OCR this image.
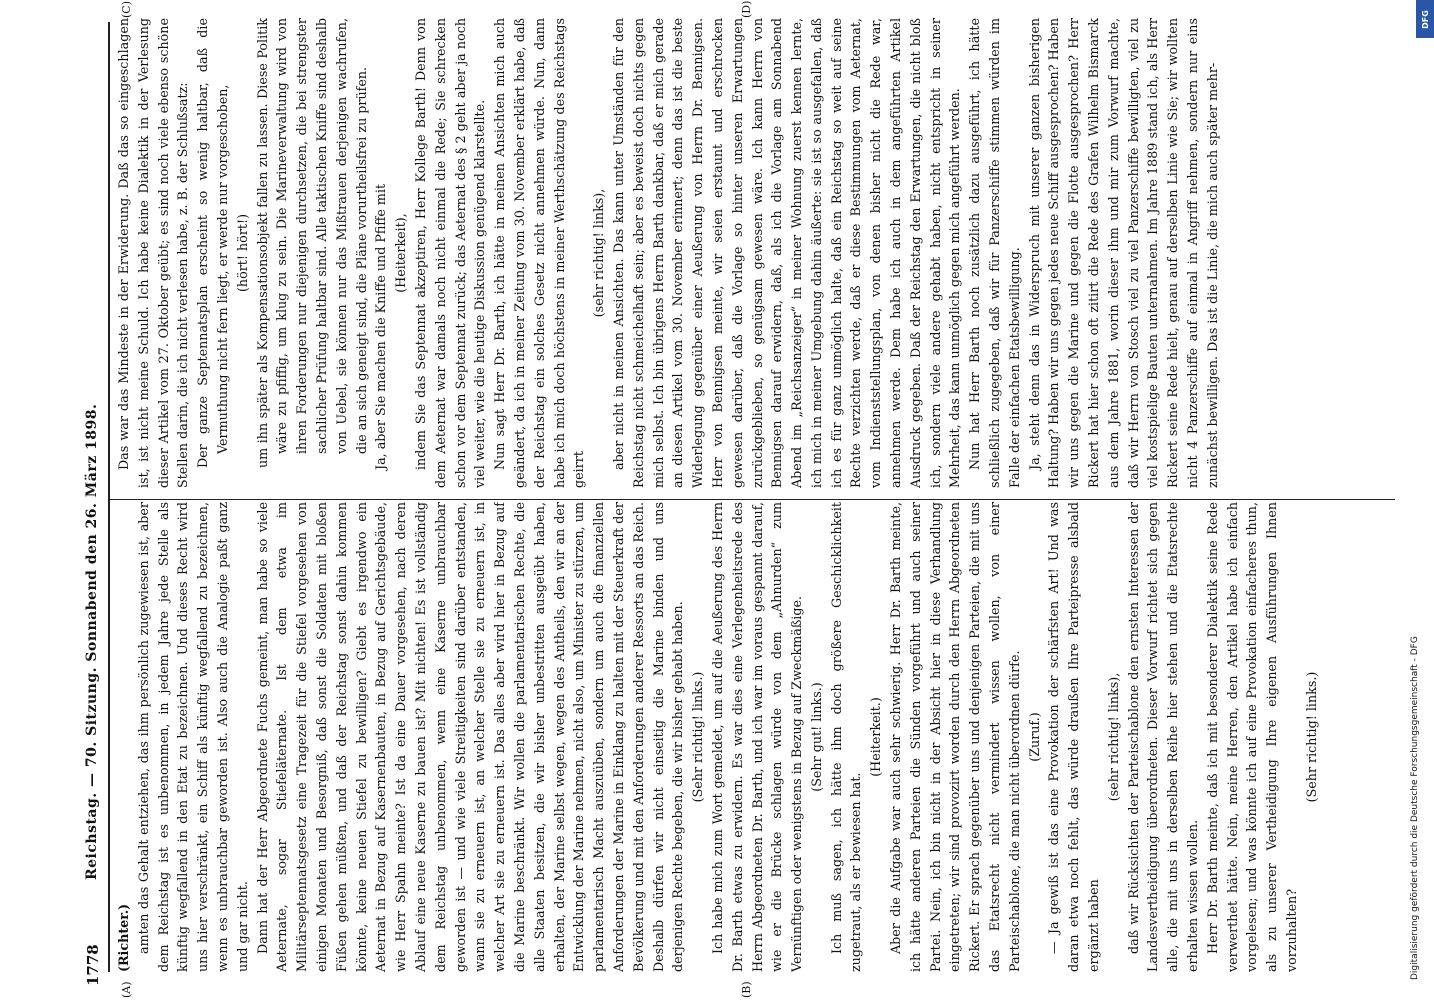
1778
Reichstag. — 70. Sitzung. Sonnabend den 26. März 1898.
(A)	(B)
(C)	(D)

(Richter.) amten das Gehalt entziehen, das ihm persönlich zugewiesen ist, aber dem Reichstag ist es unbenommen, in jedem Jahre jede Stelle als künftig wegfallend in den Etat zu bezeichnen. Und dieses Recht wird uns hier verschränkt, ein Schiff als künftig wegfallend zu bezeichnen, wenn es unbrauchbar geworden ist. Also auch die Analogie paßt ganz und gar nicht. Dann hat der Herr Abgeordnete Fuchs gemeint, man habe so viele Aeternate, sogar Stiefeläternate. Ist dem etwa im Militärseptennatsgesetz eine Tragezeit für die Stiefel vorgesehen von einigen Monaten und Besorgniß, daß sonst die Soldaten mit bloßen Füßen gehen müßten, und daß der Reichstag sonst dahin kommen könnte, keine neuen Stiefel zu bewilligen? Giebt es irgendwo ein Aeternat in Bezug auf Kasernenbauten, in Bezug auf Gerichtsgebäude, wie Herr Spahn meinte? Ist da eine Dauer vorgesehen, nach deren Ablauf eine neue Kaserne zu bauen ist? Mit nichten! Es ist vollständig dem Reichstag unbenommen, wenn eine Kaserne unbrauchbar geworden ist — und wie viele Streitigkeiten sind darüber entstanden, wann sie zu erneuern ist, an welcher Stelle sie zu erneuern ist, in welcher Art sie zu erneuern ist. Das alles aber wird hier in Bezug auf die Marine beschränkt. Wir wollen die parlamentarischen Rechte, die alle Staaten besitzen, die wir bisher unbestritten ausgeübt haben, erhalten, der Marine selbst wegen, wegen des Antheils, den wir an der Entwicklung der Marine nehmen, nicht also, um Minister zu stürzen, um parlamentarisch Macht auszuüben, sondern um auch die finanziellen Anforderungen der Marine in Einklang zu halten mit der Steuerkraft der Bevölkerung und mit den Anforderungen anderer Ressorts an das Reich. Deshalb dürfen wir nicht einseitig die Marine binden und uns derjenigen Rechte begeben, die wir bisher gehabt haben. (Sehr richtig! links.) Ich habe mich zum Wort gemeldet, um auf die Aeußerung des Herrn Dr. Barth etwas zu erwidern. Es war dies eine Verlegenheitsrede des Herrn Abgeordneten Dr. Barth, und ich war im voraus gespannt darauf, wie er die Brücke schlagen würde von dem „Ahnurden“ zum Vernünftigen oder wenigstens in Bezug auf Zweckmäßige. (Sehr gut! links.) Ich muß sagen, ich hätte ihm doch größere Geschicklichkeit zugetraut, als er bewiesen hat.

(Heiterkeit.) Aber die Aufgabe war auch sehr schwierig. Herr Dr. Barth meinte, ich hätte anderen Parteien die Sünden vorgeführt und auch seiner Partei. Nein, ich bin nicht in der Absicht hier in diese Verhandlung eingetreten; wir sind provozirt worden durch den Herrn Abgeordneten Rickert. Er sprach gegenüber uns und denjenigen Parteien, die mit uns das Etatsrecht nicht vermindert wissen wollen, von einer Parteischablone, die man nicht überordnen dürfe. (Zuruf.) — Ja gewiß ist das eine Provokation der schärfsten Art! Und was daran etwa noch fehlt, das würde draußen Ihre Parteipresse alsbald ergänzt haben

(sehr richtig! links), daß wir Rücksichten der Parteischablone den ernsten Interessen der Landesvertheidigung überordneten. Dieser Vorwurf richtet sich gegen alle, die mit uns in derselben Reihe hier stehen und die Etatsrechte erhalten wissen wollen. Herr Dr. Barth meinte, daß ich mit besonderer Dialektik seine Rede verwerthet hätte. Nein, meine Herren, den Artikel habe ich einfach vorgelesen; und was könnte ich auf eine Provokation einfacheres thun, als zu unserer Vertheidigung Ihre eigenen Ausführungen Ihnen vorzuhalten?

(Sehr richtig! links.)

Das war das Mindeste in der Erwiderung. Daß das so eingeschlagen ist, ist nicht meine Schuld. Ich habe keine Dialektik in der Verlesung dieser Artikel vom 27. Oktober geübt; es sind noch viele ebenso schöne Stellen darin, die ich nicht verlesen habe, z. B. der Schlußsatz: Der ganze Septennatsplan erscheint so wenig haltbar, daß die Vermuthung nicht fern liegt, er werde nur vorgeschoben, (hört! hört!) um ihn später als Kompensationsobjekt fallen zu lassen. Diese Politik wäre zu pfiffig, um klug zu sein. Die Marineverwaltung wird von ihren Forderungen nur diejenigen durchsetzen, die bei strengster sachlicher Prüfung haltbar sind. Alle taktischen Kniffe sind deshalb von Uebel, sie können nur das Mißtrauen derjenigen wachrufen, die an sich geneigt sind, die Pläne vorurtheilsfrei zu prüfen. Ja, aber Sie machen die Kniffe und Pfiffe mit (Heiterkeit), indem Sie das Septennat akzeptiren, Herr Kollege Barth! Denn von dem Aeternat war damals noch nicht einmal die Rede; Sie schrecken schon vor dem Septennat zurück; das Aeternat des § 2 geht aber ja noch viel weiter, wie die heutige Diskussion genügend klarstellte. Nun sagt Herr Dr. Barth, ich hätte in meinen Ansichten mich auch geändert, da ich in meiner Zeitung vom 30. November erklärt habe, daß der Reichstag ein solches Gesetz nicht annehmen würde. Nun, dann habe ich mich doch höchstens in meiner Werthschätzung des Reichstags geirrt

(sehr richtig! links), aber nicht in meinen Ansichten. Das kann unter Umständen für den Reichstag nicht schmeichelhaft sein; aber es beweist doch nichts gegen mich selbst. Ich bin übrigens Herrn Barth dankbar, daß er mich gerade an diesen Artikel vom 30. November erinnert; denn das ist die beste Widerlegung gegenüber einer Aeußerung von Herrn Dr. Bennigsen. Herr von Bennigsen meinte, wir seien erstaunt und erschrocken gewesen darüber, daß die Vorlage so hinter unseren Erwartungen zurückgeblieben, so genügsam gewesen wäre. Ich kann Herrn von Bennigsen darauf erwidern, daß, als ich die Vorlage am Sonnabend Abend im „Reichsanzeiger“ in meiner Wohnung zuerst kennen lernte, ich mich in meiner Umgebung dahin äußerte: sie ist so ausgefallen, daß ich es für ganz unmöglich halte, daß ein Reichstag so weit auf seine Rechte verzichten werde, daß er diese Bestimmungen vom Aeternat, vom Indienststellungsplan, von denen bisher nicht die Rede war, annehmen werde. Dem habe ich auch in dem angeführten Artikel Ausdruck gegeben. Daß der Reichstag den Erwartungen, die nicht bloß ich, sondern viele andere gehabt haben, nicht entspricht in seiner Mehrheit, das kann unmöglich gegen mich angeführt werden. Nun hat Herr Barth noch zusätzlich dazu ausgeführt, ich hätte schließlich zugegeben, daß wir für Panzerschiffe stimmen würden im Falle der einfachen Etatsbewilligung. Ja, steht denn das in Widerspruch mit unserer ganzen bisherigen Haltung? Haben wir uns gegen jedes neue Schiff ausgesprochen? Haben wir uns gegen die Marine und gegen die Flotte ausgesprochen? Herr Rickert hat hier schon oft zitirt die Rede des Grafen Wilhelm Bismarck aus dem Jahre 1881, worin dieser ihm und mir zum Vorwurf machte, daß wir Herrn von Stosch viel zu viel Panzerschiffe bewilligten, viel zu viel kostspielige Bauten unternahmen. Im Jahre 1889 stand ich, als Herr Rickert seine Rede hielt, genau auf derselben Linie wie Sie; wir wollten nicht 4 Panzerschiffe auf einmal in Angriff nehmen, sondern nur eins zunächst bewilligen. Das ist die Linie, die mich auch später mehr-

Digitalisierung gefördert durch die Deutsche Forschungsgemeinschaft - DFG
DFG
